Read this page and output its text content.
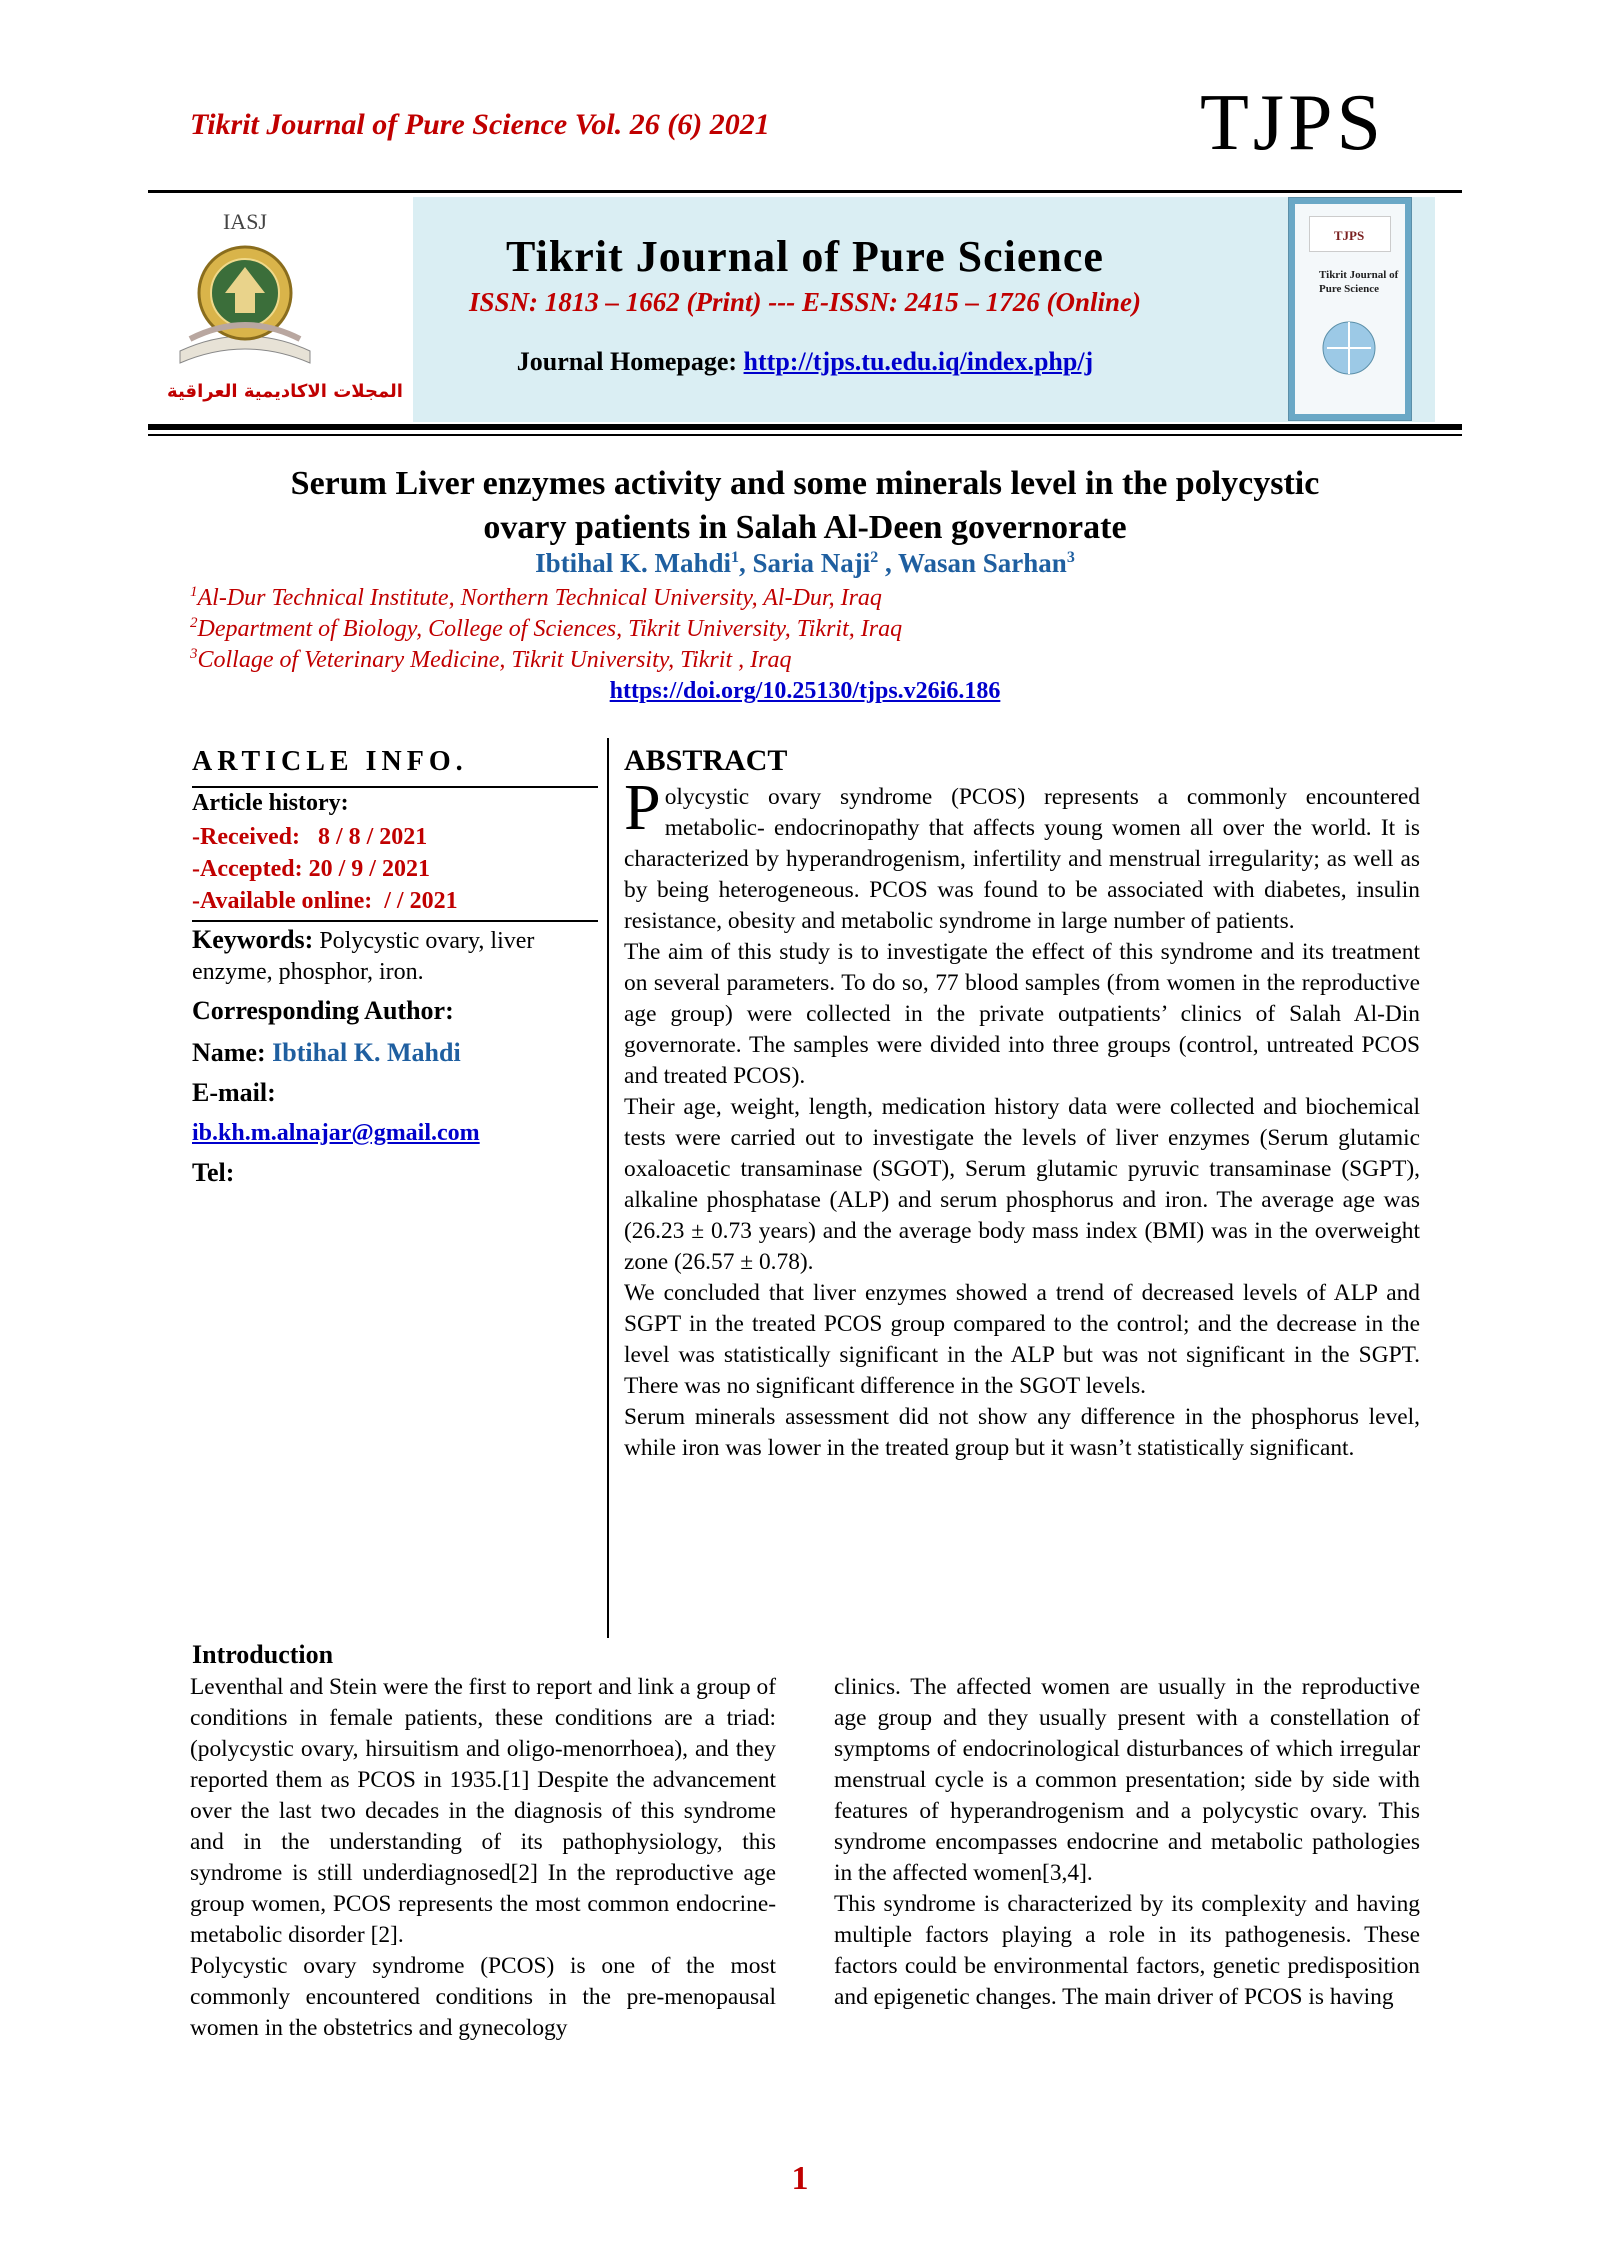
Tikrit Journal of Pure Science Vol. 26 (6) 2021	TJPS
IASJ
المجلات الاكاديمية العراقية
Tikrit Journal of Pure Science
ISSN: 1813 – 1662 (Print) --- E-ISSN: 2415 – 1726 (Online)
Journal Homepage: http://tjps.tu.edu.iq/index.php/j
TJPS
Tikrit Journal of Pure Science
Serum Liver enzymes activity and some minerals level in the polycystic
ovary patients in Salah Al-Deen governorate
Ibtihal K. Mahdi$^1$, Saria Naji$^2$ , Wasan Sarhan$^3$
$^1$Al-Dur Technical Institute, Northern Technical University, Al-Dur, Iraq
$^2$Department of Biology, College of Sciences, Tikrit University, Tikrit, Iraq
$^3$Collage of Veterinary Medicine, Tikrit University, Tikrit , Iraq
https://doi.org/10.25130/tjps.v26i6.186
ARTICLE INFO.
Article history:
-Received: 8 / 8 / 2021
-Accepted: 20 / 9 / 2021
-Available online: / / 2021
Keywords: Polycystic ovary, liver enzyme, phosphor, iron.
Corresponding Author:
Name: Ibtihal K. Mahdi
E-mail:
ib.kh.m.alnajar@gmail.com
Tel:
ABSTRACT

Polycystic ovary syndrome (PCOS) represents a commonly encountered metabolic- endocrinopathy that affects young women all over the world. It is characterized by hyperandrogenism, infertility and menstrual irregularity; as well as by being heterogeneous. PCOS was found to be associated with diabetes, insulin resistance, obesity and metabolic syndrome in large number of patients.

The aim of this study is to investigate the effect of this syndrome and its treatment on several parameters. To do so, 77 blood samples (from women in the reproductive age group) were collected in the private outpatients’ clinics of Salah Al-Din governorate. The samples were divided into three groups (control, untreated PCOS and treated PCOS).

Their age, weight, length, medication history data were collected and biochemical tests were carried out to investigate the levels of liver enzymes (Serum glutamic oxaloacetic transaminase (SGOT), Serum glutamic pyruvic transaminase (SGPT), alkaline phosphatase (ALP) and serum phosphorus and iron. The average age was (26.23 ± 0.73 years) and the average body mass index (BMI) was in the overweight zone (26.57 ± 0.78).

We concluded that liver enzymes showed a trend of decreased levels of ALP and SGPT in the treated PCOS group compared to the control; and the decrease in the level was statistically significant in the ALP but was not significant in the SGPT. There was no significant difference in the SGOT levels.

Serum minerals assessment did not show any difference in the phosphorus level, while iron was lower in the treated group but it wasn’t statistically significant.

Introduction

Leventhal and Stein were the first to report and link a group of conditions in female patients, these conditions are a triad: (polycystic ovary, hirsuitism and oligo-menorrhoea), and they reported them as PCOS in 1935.[1] Despite the advancement over the last two decades in the diagnosis of this syndrome and in the understanding of its pathophysiology, this syndrome is still underdiagnosed[2] In the reproductive age group women, PCOS represents the most common endocrine-metabolic disorder [2].

Polycystic ovary syndrome (PCOS) is one of the most commonly encountered conditions in the pre-menopausal women in the obstetrics and gynecology

clinics. The affected women are usually in the reproductive age group and they usually present with a constellation of symptoms of endocrinological disturbances of which irregular menstrual cycle is a common presentation; side by side with features of hyperandrogenism and a polycystic ovary. This syndrome encompasses endocrine and metabolic pathologies in the affected women[3,4].

This syndrome is characterized by its complexity and having multiple factors playing a role in its pathogenesis. These factors could be environmental factors, genetic predisposition and epigenetic changes. The main driver of PCOS is having

1
